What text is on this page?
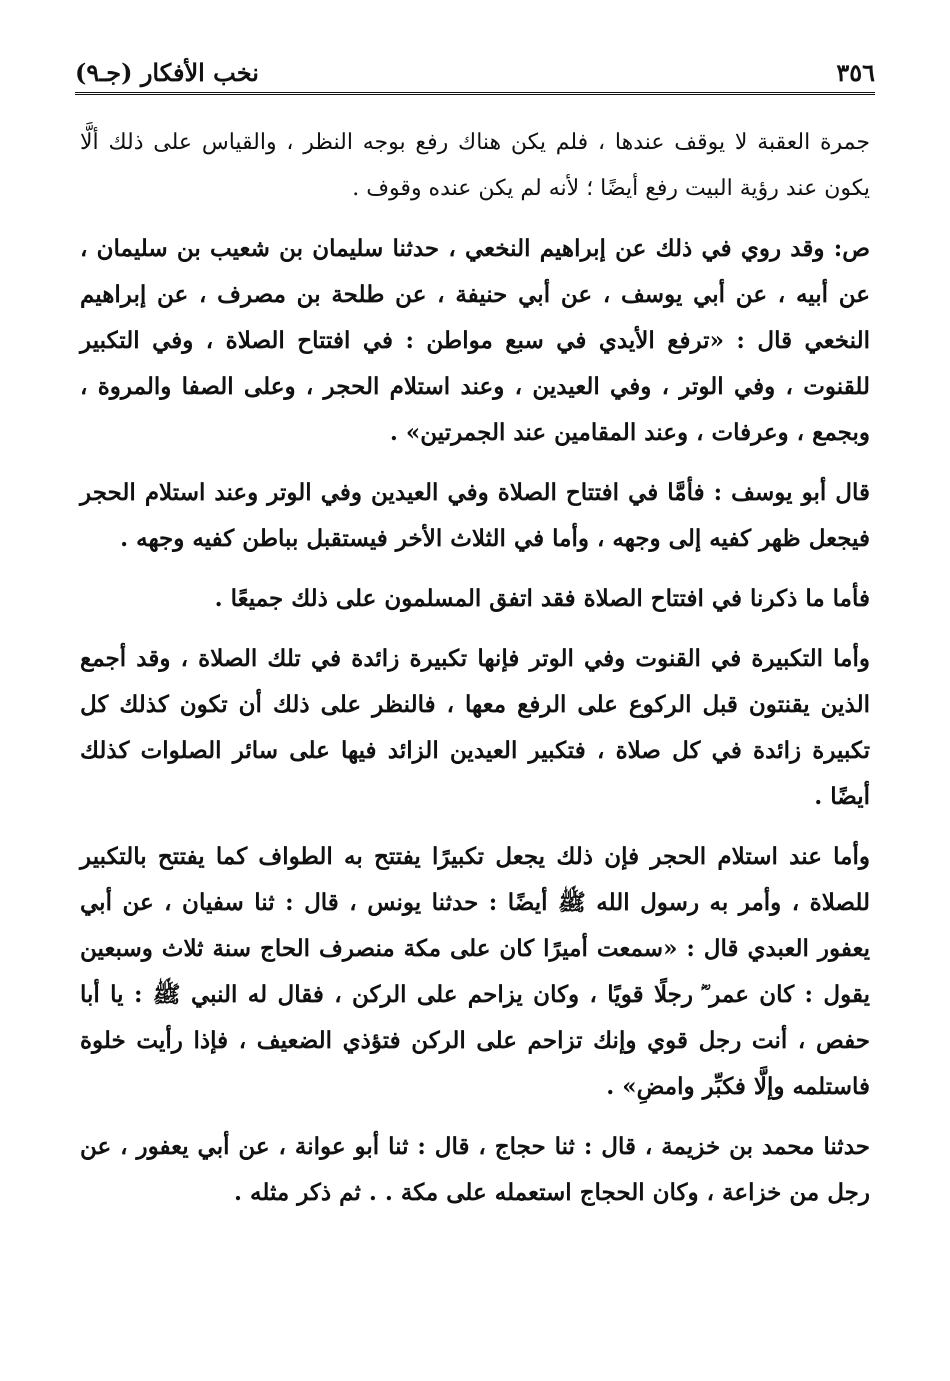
٣٥٦
نخب الأفكار (جـ٩)

جمرة العقبة لا يوقف عندها ، فلم يكن هناك رفع بوجه النظر ، والقياس على ذلك ألَّا يكون عند رؤية البيت رفع أيضًا ؛ لأنه لم يكن عنده وقوف .

ص: وقد روي في ذلك عن إبراهيم النخعي ، حدثنا سليمان بن شعيب بن سليمان ، عن أبيه ، عن أبي يوسف ، عن أبي حنيفة ، عن طلحة بن مصرف ، عن إبراهيم النخعي قال : «ترفع الأيدي في سبع مواطن : في افتتاح الصلاة ، وفي التكبير للقنوت ، وفي الوتر ، وفي العيدين ، وعند استلام الحجر ، وعلى الصفا والمروة ، وبجمع ، وعرفات ، وعند المقامين عند الجمرتين» .

قال أبو يوسف : فأمَّا في افتتاح الصلاة وفي العيدين وفي الوتر وعند استلام الحجر فيجعل ظهر كفيه إلى وجهه ، وأما في الثلاث الأخر فيستقبل بباطن كفيه وجهه .

فأما ما ذكرنا في افتتاح الصلاة فقد اتفق المسلمون على ذلك جميعًا .

وأما التكبيرة في القنوت وفي الوتر فإنها تكبيرة زائدة في تلك الصلاة ، وقد أجمع الذين يقنتون قبل الركوع على الرفع معها ، فالنظر على ذلك أن تكون كذلك كل تكبيرة زائدة في كل صلاة ، فتكبير العيدين الزائد فيها على سائر الصلوات كذلك أيضًا .

وأما عند استلام الحجر فإن ذلك يجعل تكبيرًا يفتتح به الطواف كما يفتتح بالتكبير للصلاة ، وأمر به رسول الله ﷺ أيضًا : حدثنا يونس ، قال : ثنا سفيان ، عن أبي يعفور العبدي قال : «سمعت أميرًا كان على مكة منصرف الحاج سنة ثلاث وسبعين يقول : كان عمر ؓ رجلًا قويًا ، وكان يزاحم على الركن ، فقال له النبي ﷺ : يا أبا حفص ، أنت رجل قوي وإنك تزاحم على الركن فتؤذي الضعيف ، فإذا رأيت خلوة فاستلمه وإلَّا فكبِّر وامضِ» .

حدثنا محمد بن خزيمة ، قال : ثنا حجاج ، قال : ثنا أبو عوانة ، عن أبي يعفور ، عن رجل من خزاعة ، وكان الحجاج استعمله على مكة . . ثم ذكر مثله .
